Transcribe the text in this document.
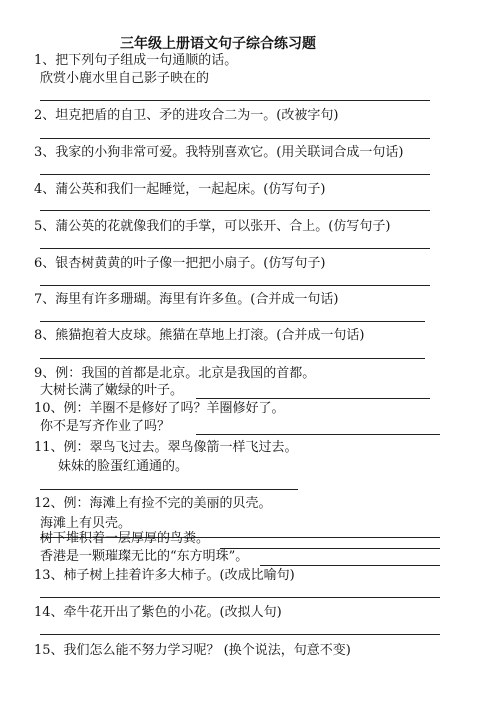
三年级上册语文句子综合练习题
1、把下列句子组成一句通顺的话。
欣赏小鹿水里自己影子映在的
2、坦克把盾的自卫、矛的进攻合二为一。(改被字句)
3、我家的小狗非常可爱。我特别喜欢它。(用关联词合成一句话)
4、蒲公英和我们一起睡觉，一起起床。(仿写句子)
5、蒲公英的花就像我们的手掌，可以张开、合上。(仿写句子)
6、银杏树黄黄的叶子像一把把小扇子。(仿写句子)
7、海里有许多珊瑚。海里有许多鱼。(合并成一句话)
8、熊猫抱着大皮球。熊猫在草地上打滚。(合并成一句话)
9、例：我国的首都是北京。北京是我国的首都。
大树长满了嫩绿的叶子。
10、例：羊圈不是修好了吗？羊圈修好了。
你不是写齐作业了吗？
11、例：翠鸟飞过去。翠鸟像箭一样飞过去。
妹妹的脸蛋红通通的。
12、例：海滩上有捡不完的美丽的贝壳。
海滩上有贝壳。
树下堆积着一层厚厚的鸟粪。
香港是一颗璀璨无比的“东方明珠”。
13、柿子树上挂着许多大柿子。(改成比喻句)
14、牵牛花开出了紫色的小花。(改拟人句)
15、我们怎么能不努力学习呢？ (换个说法，句意不变)
